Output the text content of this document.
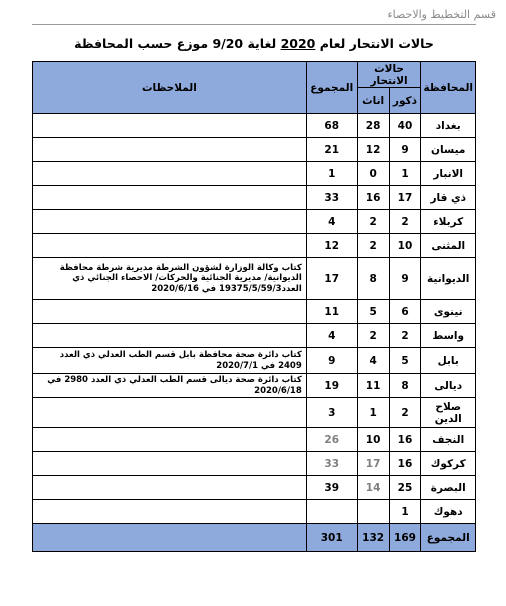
قسم التخطيط والاحصاء
حالات الانتحار لعام 2020 لغاية 9/20 موزع حسب المحافظة
المحافظة	حالات الانتحار		المجموع	الملاحظات
	ذكور	اناث		
بغداد	40	28	68	
ميسان	9	12	21	
الانبار	1	0	1	
ذي قار	17	16	33	
كربلاء	2	2	4	
المثنى	10	2	12	
الديوانية	9	8	17	كتاب وكالة الوزارة لشؤون الشرطة مديرية شرطة محافظة الديوانية/ مديرية الجنائية والحركات/ الاحصاء الجنائي ذي العدد19375/5/59/3 في 2020/6/16
نينوى	6	5	11	
واسط	2	2	4	
بابل	5	4	9	كتاب دائرة صحة محافظة بابل قسم الطب العدلي ذي العدد 2409 في 2020/7/1
ديالى	8	11	19	كتاب دائرة صحة ديالى قسم الطب العدلي ذي العدد 2980 في 2020/6/18
صلاح الدين	2	1	3	
النجف	16	10	26	
كركوك	16	17	33	
البصرة	25	14	39	
دهوك	1			
المجموع	169	132	301	
